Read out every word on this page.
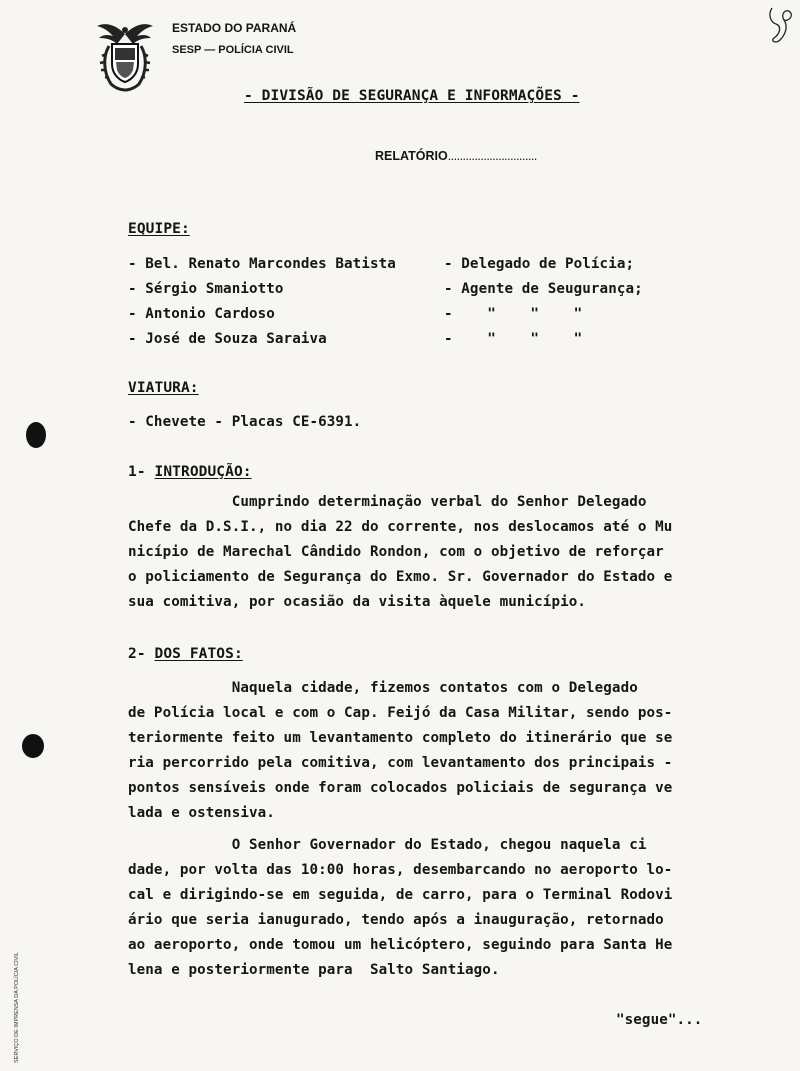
ESTADO DO PARANÁ
SESP — POLÍCIA CIVIL
- DIVISÃO DE SEGURANÇA E INFORMAÇÕES -
RELATÓRIO..............................
EQUIPE:
- Bel. Renato Marcondes Batista	- Delegado de Polícia;
- Sérgio Smaniotto	- Agente de Seugurança;
- Antonio Cardoso	-    "    "    "
- José de Souza Saraiva	-    "    "    "
VIATURA:
- Chevete - Placas CE-6391.
1- INTRODUÇÃO:
Cumprindo determinação verbal do Senhor Delegado
Chefe da D.S.I., no dia 22 do corrente, nos deslocamos até o Mu
nicípio de Marechal Cândido Rondon, com o objetivo de reforçar
o policiamento de Segurança do Exmo. Sr. Governador do Estado e
sua comitiva, por ocasião da visita àquele município.
2- DOS FATOS:
Naquela cidade, fizemos contatos com o Delegado
de Polícia local e com o Cap. Feijó da Casa Militar, sendo pos-
teriormente feito um levantamento completo do itinerário que se
ria percorrido pela comitiva, com levantamento dos principais -
pontos sensíveis onde foram colocados policiais de segurança ve
lada e ostensiva.
O Senhor Governador do Estado, chegou naquela ci
dade, por volta das 10:00 horas, desembarcando no aeroporto lo-
cal e dirigindo-se em seguida, de carro, para o Terminal Rodovi
ário que seria ianugurado, tendo após a inauguração, retornado
ao aeroporto, onde tomou um helicóptero, seguindo para Santa He
lena e posteriormente para  Salto Santiago.
"segue"...
SERVIÇO DE IMPRENSA DA POLÍCIA CIVIL
